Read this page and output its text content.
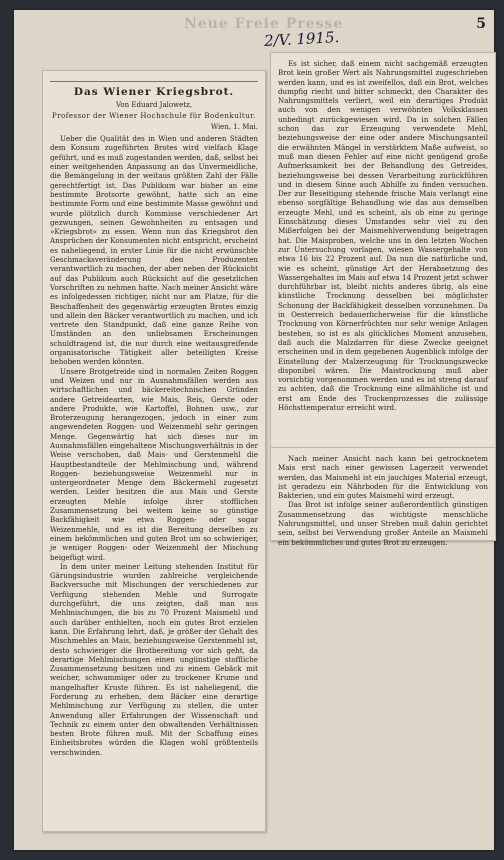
Neue Freie Presse	5
2/V. 1915.
Das Wiener Kriegsbrot.
Von Eduard Jalowetz,
Professor der Wiener Hochschule für Bodenkultur.
Wien, 1. Mai.

Ueber die Qualität des in Wien und anderen Städten dem Konsum zugeführten Brotes wird vielfach Klage geführt, und es muß zugestanden werden, daß, selbst bei einer weitgehenden Anpassung an das Unvermeidliche, die Bemängelung in der weitaus größten Zahl der Fälle gerechtfertigt ist. Das Publikum war bisher an eine bestimmte Brotsorte gewöhnt, hatte sich an eine bestimmte Form und eine bestimmte Masse gewöhnt und wurde plötzlich durch Kommisse verschiedener Art gezwungen, seinen Gewohnheiten zu entsagen und »Kriegsbrot« zu essen. Wenn nun das Kriegsbrot den Ansprüchen der Konsumenten nicht entspricht, erscheint es naheliegend, in erster Linie für die nicht erwünschte Geschmacksveränderung den Produzenten verantwortlich zu machen, der aber neben der Rücksicht auf das Publikum auch Rücksicht auf die gesetzlichen Vorschriften zu nehmen hatte. Nach meiner Ansicht wäre es infolgedessen richtiger, nicht nur am Platze, für die Beschaffenheit des gegenwärtig erzeugten Brotes einzig und allein den Bäcker verantwortlich zu machen, und ich vertrete den Standpunkt, daß eine ganze Reihe von Umständen an den unliebsamen Erscheinungen schuldtragend ist, die nur durch eine weitausgreifende organisatorische Tätigkeit aller beteiligten Kreise behoben werden könnten.

Unsere Brotgetreide sind in normalen Zeiten Roggen und Weizen und nur in Ausnahmsfällen werden aus wirtschaftlichen und bäckereitechnischen Gründen andere Getreidearten, wie Mais, Reis, Gerste oder andere Produkte, wie Kartoffel, Bohnen usw., zur Broterzeugung herangezogen, jedoch in einer zum angewendeten Roggen- und Weizenmehl sehr geringen Menge. Gegenwärtig hat sich dieses nur im Ausnahmsfällen eingehaltene Mischungsverhältnis in der Weise verschoben, daß Mais- und Gerstenmehl die Hauptbestandteile der Mehlmischung und, während Roggen- beziehungsweise Weizenmehl nur in untergeordneter Menge dem Bäckermehl zugesetzt werden. Leider besitzen die aus Mais und Gerste erzeugten Mehle infolge ihrer stofflichen Zusammensetzung bei weitem keine so günstige Backfähigkeit wie etwa Roggen- oder sogar Weizenmehle, und es ist die Bereitung derselben zu einem bekömmlichen und guten Brot um so schwieriger, je weniger Roggen- oder Weizenmehl der Mischung beigefügt wird.

In dem unter meiner Leitung stehenden Institut für Gärungsindustrie wurden zahlreiche vergleichende Backversuche mit Mischungen der verschiedenen zur Verfügung stehenden Mehle und Surrogate durchgeführt, die uns zeigten, daß man aus Mehlmischungen, die bis zu 70 Prozent Maismehl und auch darüber enthielten, noch ein gutes Brot erzielen kann. Die Erfahrung lehrt, daß, je größer der Gehalt des Mischmehles an Mais, beziehungsweise Gerstenmehl ist, desto schwieriger die Brotbereitung vor sich geht, da derartige Mehlmischungen einen ungünstige stoffliche Zusammensetzung besitzen und zu einem Gebäck mit weicher, schwammiger oder zu trockener Krume und mangelhafter Kruste führen. Es ist naheliegend, die Forderung zu erheben, dem Bäcker eine derartige Mehlmischung zur Verfügung zu stellen, die unter Anwendung aller Erfahrungen der Wissenschaft und Technik zu einem unter den obwaltenden Verhältnissen besten Brote führen muß. Mit der Schaffung eines Einheitsbrotes würden die Klagen wohl größtenteils verschwinden.

Es ist sicher, daß einem nicht sachgemäß erzeugten Brot kein großer Wert als Nahrungsmittel zugeschrieben werden kann, und es ist zweifellos, daß ein Brot, welches dumpfig riecht und bitter schmeckt, den Charakter des Nahrungsmittels verliert, weil ein derartiges Produkt auch von den wenigen verwöhnten Volksklassen unbedingt zurückgewiesen wird. Da in solchen Fällen schon das zur Erzeugung verwendete Mehl, beziehungsweise der eine oder andere Mischungsanteil die erwähnten Mängel in verstärktem Maße aufweist, so muß man diesen Fehler auf eine nicht genügend große Aufmerksamkeit bei der Behandlung des Getreides, beziehungsweise bei dessen Verarbeitung zurückführen und in diesem Sinne auch Abhilfe zu finden versuchen. Der zur Beseitigung stehende frische Mais verlangt eine ebenso sorgfältige Behandlung wie das aus demselben erzeugte Mehl, und es scheint, als ob eine zu geringe Einschätzung dieses Umstandes sehr viel zu den Mißerfolgen bei der Maismehlverwendung beigetragen hat. Die Maisproben, welche uns in den letzten Wochen zur Untersuchung vorlagen, wiesen Wassergehalte von etwa 16 bis 22 Prozent auf. Da nun die natürliche und, wie es scheint, günstige Art der Herabsetzung des Wassergehaltes im Mais auf etwa 14 Prozent jetzt schwer durchführbar ist, bleibt nichts anderes übrig, als eine künstliche Trocknung desselben bei möglichster Schonung der Backfähigkeit desselben vorzunehmen. Da in Oesterreich bedauerlicherweise für die künstliche Trocknung von Körnerfrüchten nur sehr wenige Anlagen bestehen, so ist es als glückliches Moment anzusehen, daß auch die Malzdarren für diese Zwecke geeignet erscheinen und in dem gegebenen Augenblick infolge der Einstellung der Malzerzeugung für Trocknungszwecke disponibel wären. Die Maistrocknung muß aber vorsichtig vorgenommen werden und es ist streng darauf zu achten, daß die Trocknung eine allmähliche ist und erst am Ende des Trockenprozesses die zulässige Höchsttemperatur erreicht wird.

Nach meiner Ansicht nach kann bei getrocknetem Mais erst nach einer gewissen Lagerzeit verwendet werden, das Maismehl ist ein jauchiges Material erzeugt, ist geradezu ein Nährboden für die Entwicklung von Bakterien, und ein gutes Maismehl wird erzeugt.

Das Brot ist infolge seiner außerordentlich günstigen Zusammensetzung das wichtigste menschliche Nahrungsmittel, und unser Streben muß dahin gerichtet sein, selbst bei Verwendung großer Anteile an Maismehl ein bekömmliches und gutes Brot zu erzeugen.
